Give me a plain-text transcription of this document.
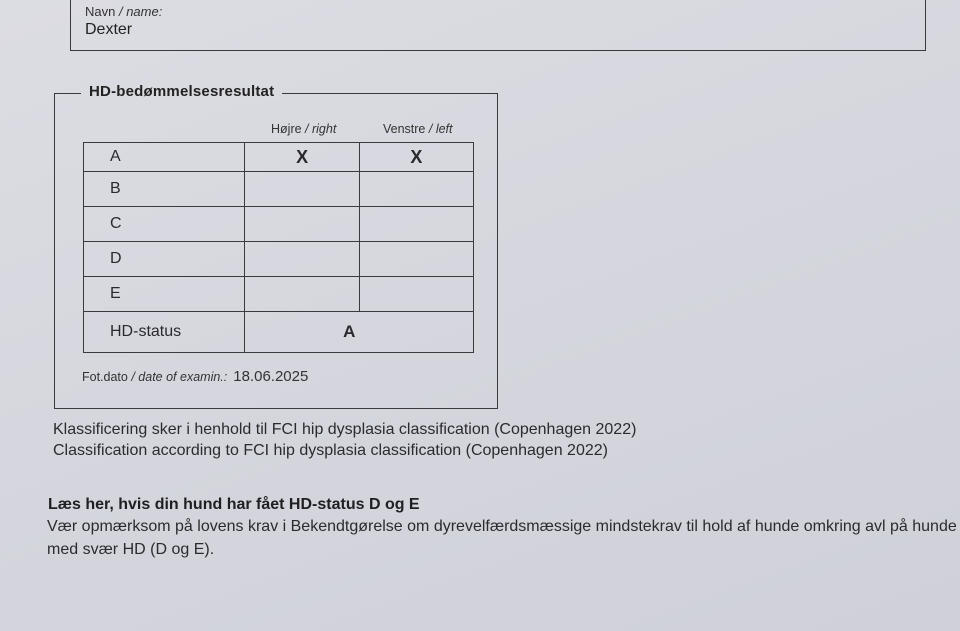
Navn / name:
Dexter
HD-bedømmelsesresultat
Højre / right	Venstre / left
A	X	X
B		
C		
D		
E		
HD-status	A	
Fot.dato / date of examin.: 18.06.2025
Klassificering sker i henhold til FCI hip dysplasia classification (Copenhagen 2022)
Classification according to FCI hip dysplasia classification (Copenhagen 2022)
Læs her, hvis din hund har fået HD-status D og E
Vær opmærksom på lovens krav i Bekendtgørelse om dyrevelfærdsmæssige mindstekrav til hold af hunde omkring avl på hunde med svær HD (D og E).
